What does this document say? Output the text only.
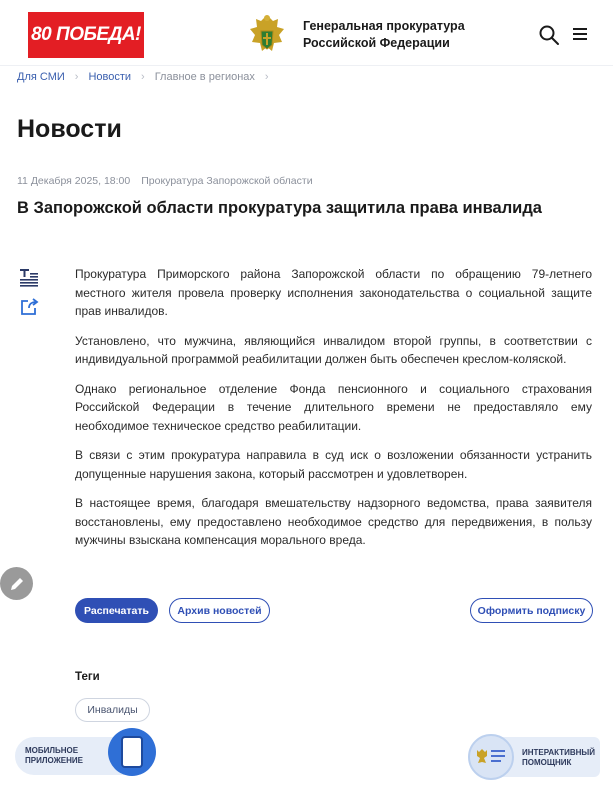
80 ПОБЕДА!	Генеральная прокуратура Российской Федерации
Для СМИ › Новости › Главное в регионах ›
Новости
11 Декабря 2025, 18:00 Прокуратура Запорожской области
В Запорожской области прокуратура защитила права инвалида

Прокуратура Приморского района Запорожской области по обращению 79-летнего местного жителя провела проверку исполнения законодательства о социальной защите прав инвалидов.

Установлено, что мужчина, являющийся инвалидом второй группы, в соответствии с индивидуальной программой реабилитации должен быть обеспечен креслом-коляской.

Однако региональное отделение Фонда пенсионного и социального страхования Российской Федерации в течение длительного времени не предоставляло ему необходимое техническое средство реабилитации.

В связи с этим прокуратура направила в суд иск о возложении обязанности устранить допущенные нарушения закона, который рассмотрен и удовлетворен.

В настоящее время, благодаря вмешательству надзорного ведомства, права заявителя восстановлены, ему предоставлено необходимое средство для передвижения, в пользу мужчины взыскана компенсация морального вреда.

Распечатать	Архив новостей	Оформить подписку
Теги
Инвалиды
МОБИЛЬНОЕ ПРИЛОЖЕНИЕ
ИНТЕРАКТИВНЫЙ ПОМОЩНИК
